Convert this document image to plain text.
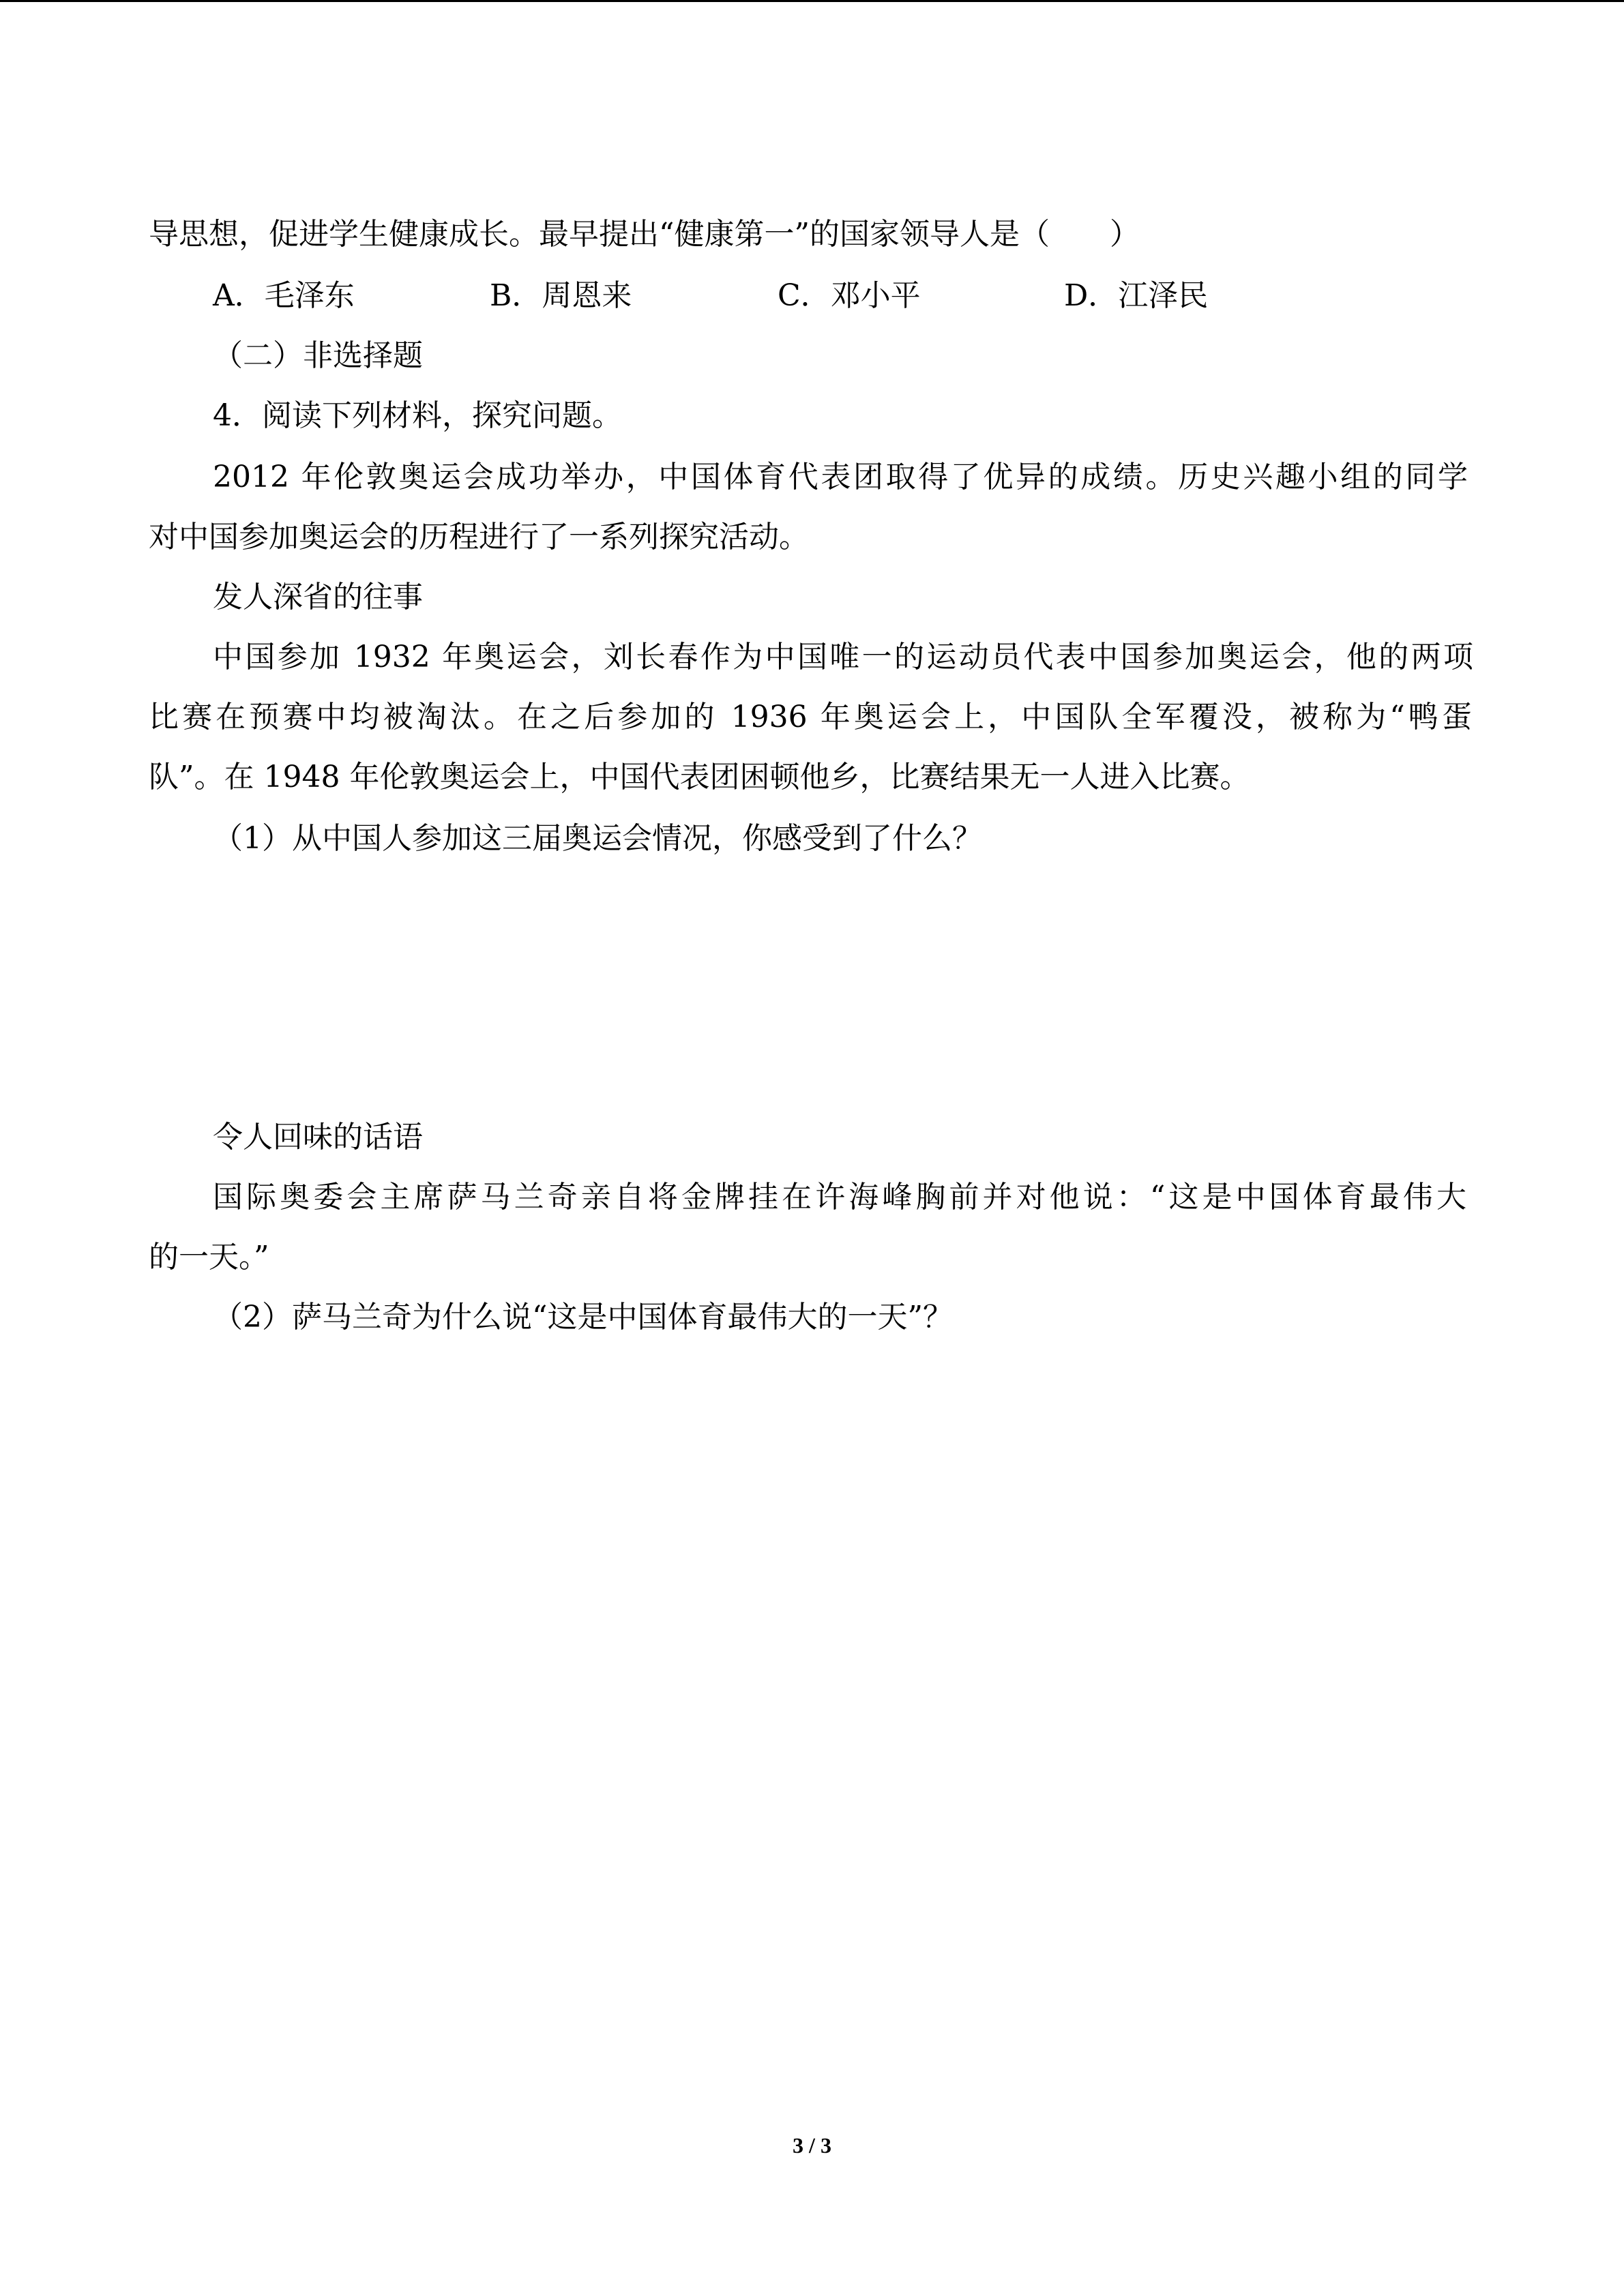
导思想，促进学生健康成长。最早提出“健康第一”的国家领导人是（　　）
A．毛泽东	B．周恩来	C．邓小平	D．江泽民
（二）非选择题
4．阅读下列材料，探究问题。
2012 年伦敦奥运会成功举办，中国体育代表团取得了优异的成绩。历史兴趣小组的同学
对中国参加奥运会的历程进行了一系列探究活动。
发人深省的往事
中国参加 1932 年奥运会，刘长春作为中国唯一的运动员代表中国参加奥运会，他的两项
比赛在预赛中均被淘汰。在之后参加的 1936 年奥运会上，中国队全军覆没，被称为“鸭蛋
队”。在 1948 年伦敦奥运会上，中国代表团困顿他乡，比赛结果无一人进入比赛。
（1）从中国人参加这三届奥运会情况，你感受到了什么？
令人回味的话语
国际奥委会主席萨马兰奇亲自将金牌挂在许海峰胸前并对他说：“这是中国体育最伟大
的一天。”
（2）萨马兰奇为什么说“这是中国体育最伟大的一天”？
3 / 3
